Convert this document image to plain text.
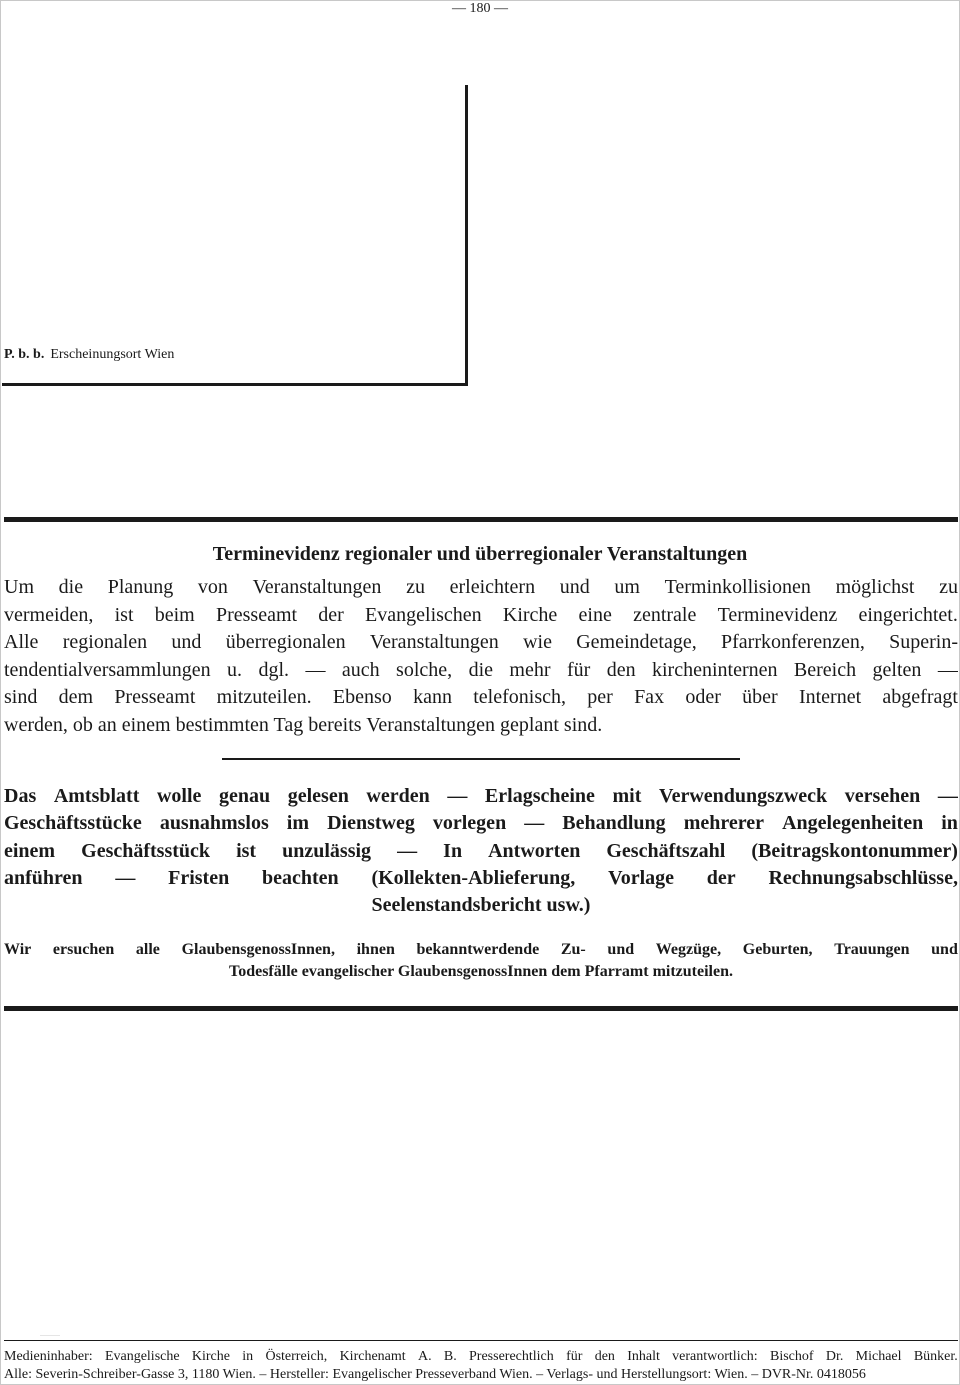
— 180 —
P. b. b. Erscheinungsort Wien
Terminevidenz regionaler und überregionaler Veranstaltungen
Um die Planung von Veranstaltungen zu erleichtern und um Terminkollisionen möglichst zu
vermeiden, ist beim Presseamt der Evangelischen Kirche eine zentrale Terminevidenz eingerichtet.
Alle regionalen und überregionalen Veranstaltungen wie Gemeindetage, Pfarrkonferenzen, Superin-
tendentialversammlungen u. dgl. — auch solche, die mehr für den kircheninternen Bereich gelten —
sind dem Presseamt mitzuteilen. Ebenso kann telefonisch, per Fax oder über Internet abgefragt
werden, ob an einem bestimmten Tag bereits Veranstaltungen geplant sind.
Das Amtsblatt wolle genau gelesen werden — Erlagscheine mit Verwendungszweck versehen —
Geschäftsstücke ausnahmslos im Dienstweg vorlegen — Behandlung mehrerer Angelegenheiten in
einem Geschäftsstück ist unzulässig — In Antworten Geschäftszahl (Beitragskontonummer)
anführen — Fristen beachten (Kollekten-Ablieferung, Vorlage der Rechnungsabschlüsse,
Seelenstandsbericht usw.)
Wir ersuchen alle GlaubensgenossInnen, ihnen bekanntwerdende Zu- und Wegzüge, Geburten, Trauungen und
Todesfälle evangelischer GlaubensgenossInnen dem Pfarramt mitzuteilen.
Medieninhaber: Evangelische Kirche in Österreich, Kirchenamt A. B. Presserechtlich für den Inhalt verantwortlich: Bischof Dr. Michael Bünker.
Alle: Severin-Schreiber-Gasse 3, 1180 Wien. – Hersteller: Evangelischer Presseverband Wien. – Verlags- und Herstellungsort: Wien. – DVR-Nr. 0418056
